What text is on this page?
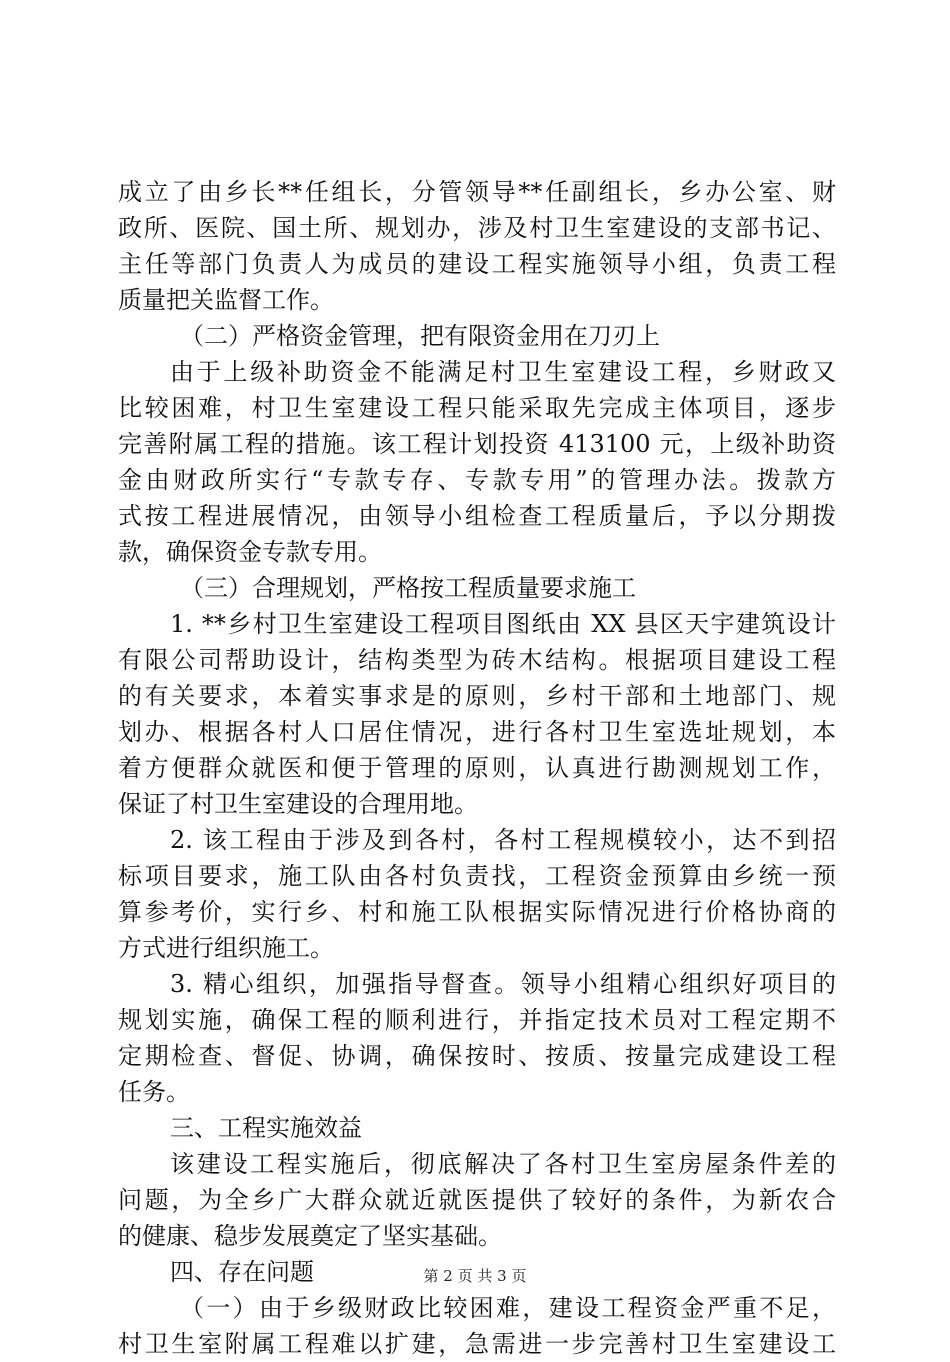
成立了由乡长**任组长，分管领导**任副组长，乡办公室、财
政所、医院、国土所、规划办，涉及村卫生室建设的支部书记、
主任等部门负责人为成员的建设工程实施领导小组，负责工程
质量把关监督工作。
（二）严格资金管理，把有限资金用在刀刃上
由于上级补助资金不能满足村卫生室建设工程，乡财政又
比较困难，村卫生室建设工程只能采取先完成主体项目，逐步
完善附属工程的措施。该工程计划投资 413100 元，上级补助资
金由财政所实行“专款专存、专款专用”的管理办法。拨款方
式按工程进展情况，由领导小组检查工程质量后，予以分期拨
款，确保资金专款专用。
（三）合理规划，严格按工程质量要求施工
1. **乡村卫生室建设工程项目图纸由 XX 县区天宇建筑设计
有限公司帮助设计，结构类型为砖木结构。根据项目建设工程
的有关要求，本着实事求是的原则，乡村干部和土地部门、规
划办、根据各村人口居住情况，进行各村卫生室选址规划，本
着方便群众就医和便于管理的原则，认真进行勘测规划工作，
保证了村卫生室建设的合理用地。
2. 该工程由于涉及到各村，各村工程规模较小，达不到招
标项目要求，施工队由各村负责找，工程资金预算由乡统一预
算参考价，实行乡、村和施工队根据实际情况进行价格协商的
方式进行组织施工。
3. 精心组织，加强指导督查。领导小组精心组织好项目的
规划实施，确保工程的顺利进行，并指定技术员对工程定期不
定期检查、督促、协调，确保按时、按质、按量完成建设工程
任务。
三、工程实施效益
该建设工程实施后，彻底解决了各村卫生室房屋条件差的
问题，为全乡广大群众就近就医提供了较好的条件，为新农合
的健康、稳步发展奠定了坚实基础。
四、存在问题
（一）由于乡级财政比较困难，建设工程资金严重不足，
村卫生室附属工程难以扩建，急需进一步完善村卫生室建设工
第 2 页 共 3 页
